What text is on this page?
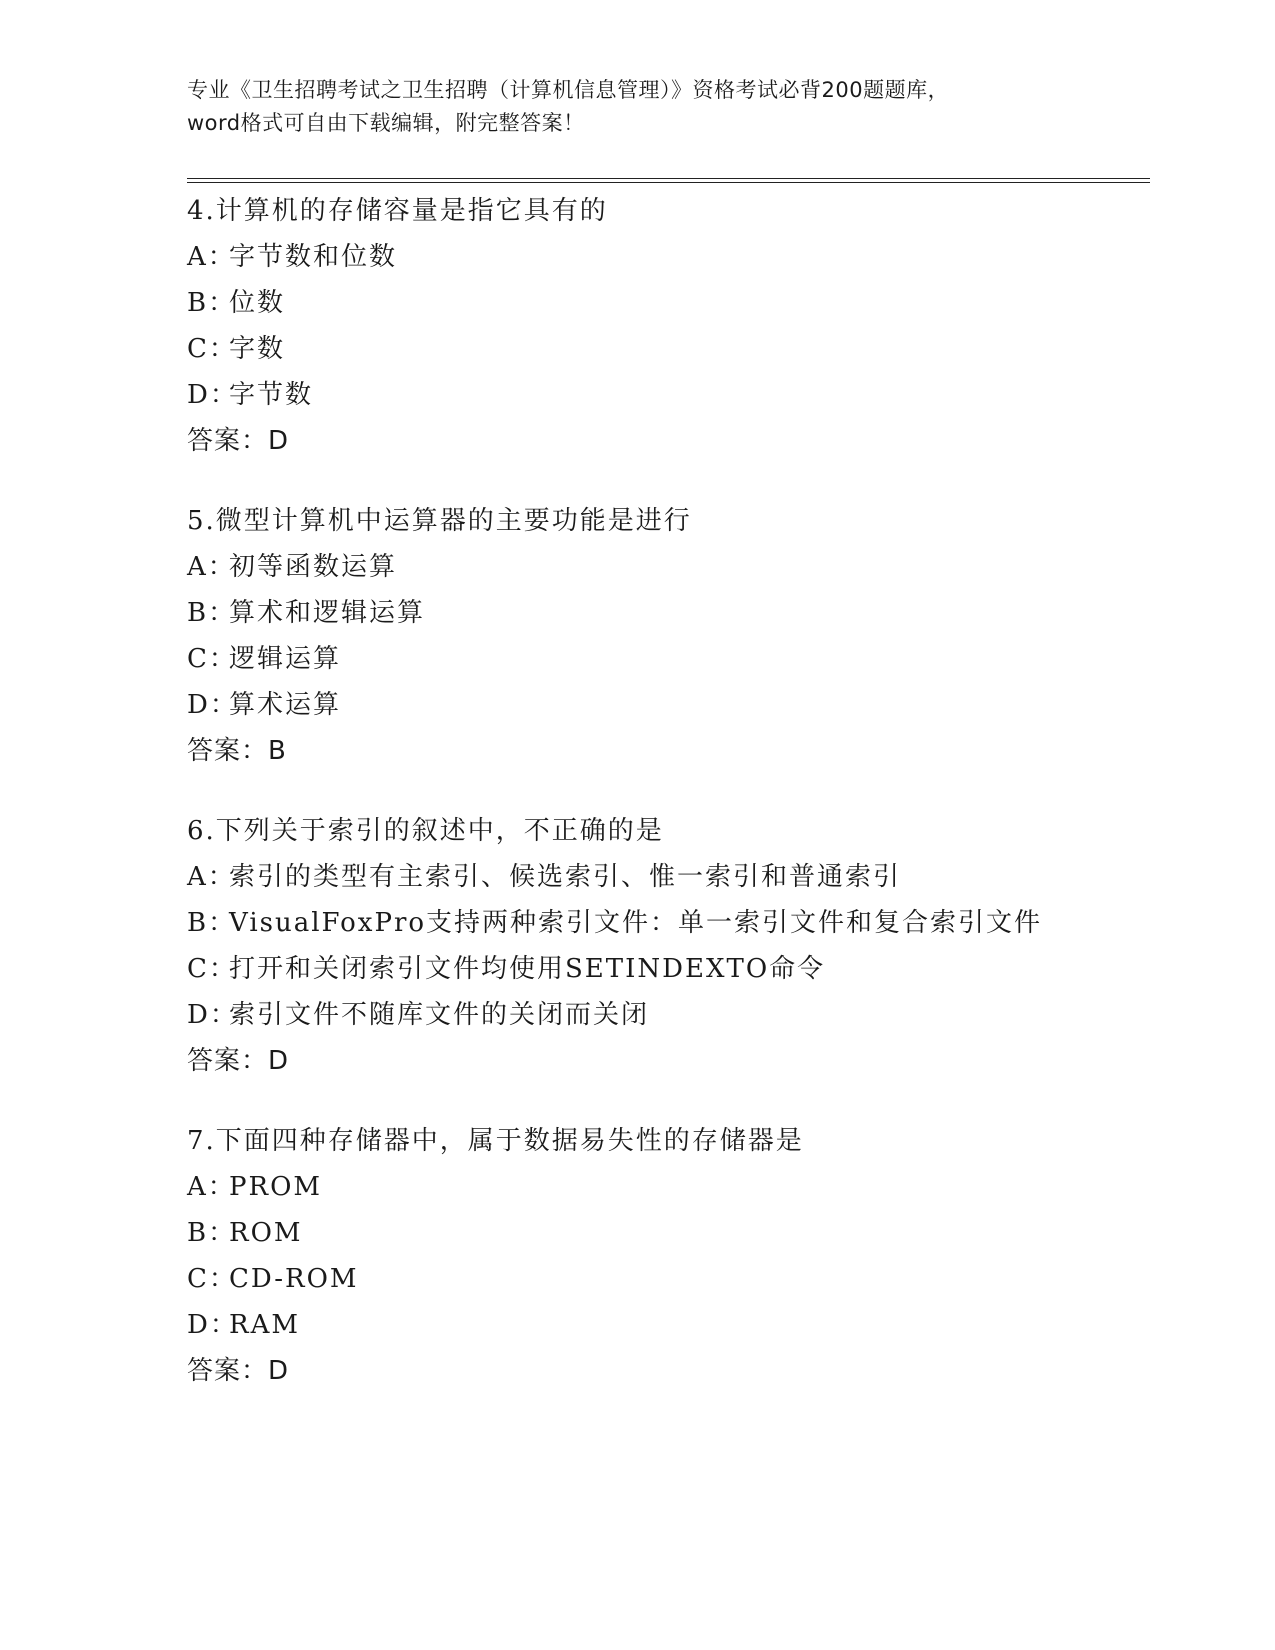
专业《卫生招聘考试之卫生招聘（计算机信息管理）》资格考试必背200题题库，
word格式可自由下载编辑，附完整答案！
4.计算机的存储容量是指它具有的
A：字节数和位数
B：位数
C：字数
D：字节数
答案：D
5.微型计算机中运算器的主要功能是进行
A：初等函数运算
B：算术和逻辑运算
C：逻辑运算
D：算术运算
答案：B
6.下列关于索引的叙述中，不正确的是
A：索引的类型有主索引、候选索引、惟一索引和普通索引
B：VisualFoxPro支持两种索引文件：单一索引文件和复合索引文件
C：打开和关闭索引文件均使用SETINDEXTO命令
D：索引文件不随库文件的关闭而关闭
答案：D
7.下面四种存储器中，属于数据易失性的存储器是
A：PROM
B：ROM
C：CD-ROM
D：RAM
答案：D
